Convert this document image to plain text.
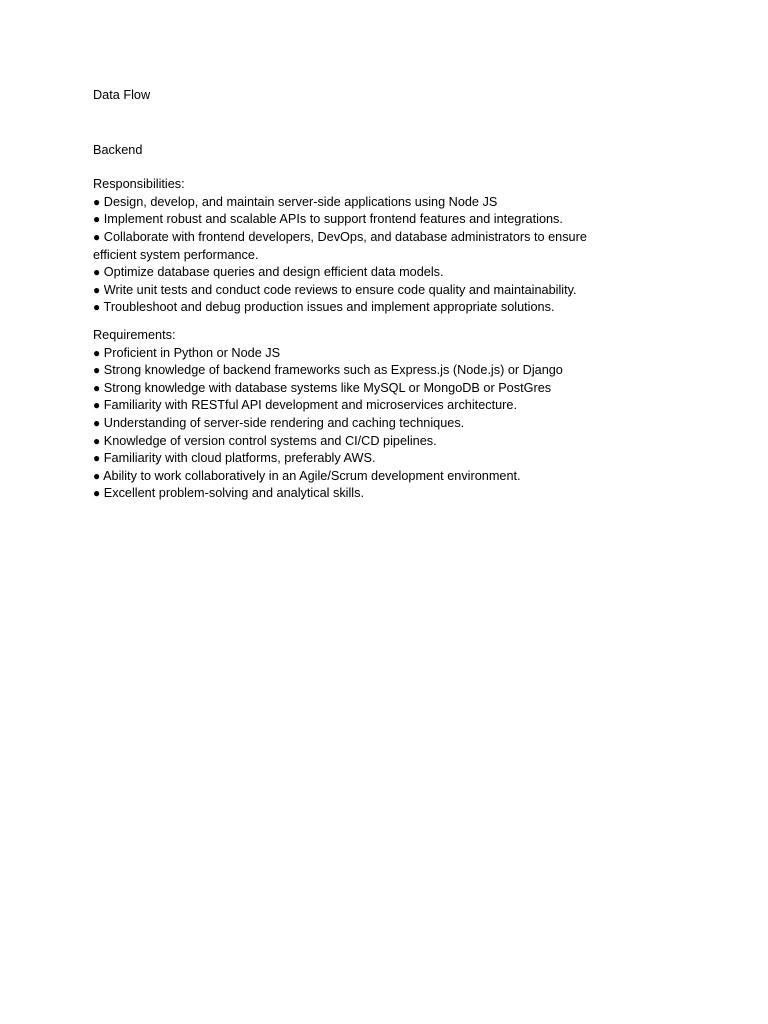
Data Flow

Backend

Responsibilities:

● Design, develop, and maintain server-side applications using Node JS
● Implement robust and scalable APIs to support frontend features and integrations.
● Collaborate with frontend developers, DevOps, and database administrators to ensure efficient system performance.
● Optimize database queries and design efficient data models.
● Write unit tests and conduct code reviews to ensure code quality and maintainability.
● Troubleshoot and debug production issues and implement appropriate solutions.

Requirements:

● Proficient in Python or Node JS
● Strong knowledge of backend frameworks such as Express.js (Node.js) or Django
● Strong knowledge with database systems like MySQL or MongoDB or PostGres
● Familiarity with RESTful API development and microservices architecture.
● Understanding of server-side rendering and caching techniques.
● Knowledge of version control systems and CI/CD pipelines.
● Familiarity with cloud platforms, preferably AWS.
● Ability to work collaboratively in an Agile/Scrum development environment.
● Excellent problem-solving and analytical skills.
